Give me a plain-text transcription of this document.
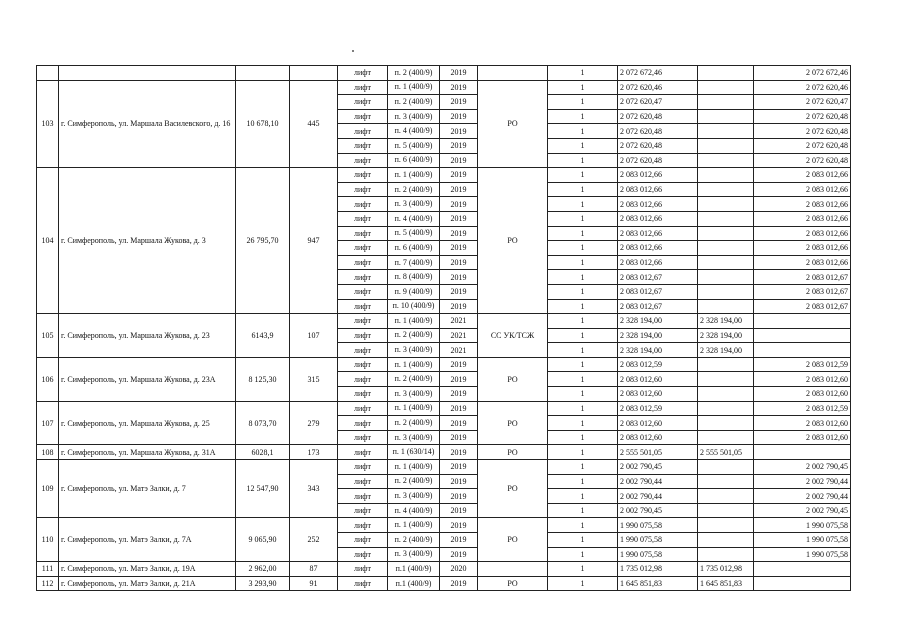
				лифт	п. 2 (400/9)	2019		1	2 072 672,46		2 072 672,46
103	г. Симферополь, ул. Маршала Василевского, д. 16	10 678,10	445	лифт	п. 1 (400/9)	2019	РО	1	2 072 620,46		2 072 620,46
				лифт	п. 2 (400/9)	2019		1	2 072 620,47		2 072 620,47
				лифт	п. 3 (400/9)	2019		1	2 072 620,48		2 072 620,48
				лифт	п. 4 (400/9)	2019		1	2 072 620,48		2 072 620,48
				лифт	п. 5 (400/9)	2019		1	2 072 620,48		2 072 620,48
				лифт	п. 6 (400/9)	2019		1	2 072 620,48		2 072 620,48
104	г. Симферополь, ул. Маршала Жукова, д. 3	26 795,70	947	лифт	п. 1 (400/9)	2019	РО	1	2 083 012,66		2 083 012,66
				лифт	п. 2 (400/9)	2019		1	2 083 012,66		2 083 012,66
				лифт	п. 3 (400/9)	2019		1	2 083 012,66		2 083 012,66
				лифт	п. 4 (400/9)	2019		1	2 083 012,66		2 083 012,66
				лифт	п. 5 (400/9)	2019		1	2 083 012,66		2 083 012,66
				лифт	п. 6 (400/9)	2019		1	2 083 012,66		2 083 012,66
				лифт	п. 7 (400/9)	2019		1	2 083 012,66		2 083 012,66
				лифт	п. 8 (400/9)	2019		1	2 083 012,67		2 083 012,67
				лифт	п. 9 (400/9)	2019		1	2 083 012,67		2 083 012,67
				лифт	п. 10 (400/9)	2019		1	2 083 012,67		2 083 012,67
105	г. Симферополь, ул. Маршала Жукова, д. 23	6143,9	107	лифт	п. 1 (400/9)	2021	СС УК/ТСЖ	1	2 328 194,00	2 328 194,00	
				лифт	п. 2 (400/9)	2021		1	2 328 194,00	2 328 194,00	
				лифт	п. 3 (400/9)	2021		1	2 328 194,00	2 328 194,00	
106	г. Симферополь, ул. Маршала Жукова, д. 23А	8 125,30	315	лифт	п. 1 (400/9)	2019	РО	1	2 083 012,59		2 083 012,59
				лифт	п. 2 (400/9)	2019		1	2 083 012,60		2 083 012,60
				лифт	п. 3 (400/9)	2019		1	2 083 012,60		2 083 012,60
107	г. Симферополь, ул. Маршала Жукова, д. 25	8 073,70	279	лифт	п. 1 (400/9)	2019	РО	1	2 083 012,59		2 083 012,59
				лифт	п. 2 (400/9)	2019		1	2 083 012,60		2 083 012,60
				лифт	п. 3 (400/9)	2019		1	2 083 012,60		2 083 012,60
108	г. Симферополь, ул. Маршала Жукова, д. 31А	6028,1	173	лифт	п. 1 (630/14)	2019	РО	1	2 555 501,05	2 555 501,05	
109	г. Симферополь, ул. Матэ Залки, д. 7	12 547,90	343	лифт	п. 1 (400/9)	2019	РО	1	2 002 790,45		2 002 790,45
				лифт	п. 2 (400/9)	2019		1	2 002 790,44		2 002 790,44
				лифт	п. 3 (400/9)	2019		1	2 002 790,44		2 002 790,44
				лифт	п. 4 (400/9)	2019		1	2 002 790,45		2 002 790,45
110	г. Симферополь, ул. Матэ Залки, д. 7А	9 065,90	252	лифт	п. 1 (400/9)	2019	РО	1	1 990 075,58		1 990 075,58
				лифт	п. 2 (400/9)	2019		1	1 990 075,58		1 990 075,58
				лифт	п. 3 (400/9)	2019		1	1 990 075,58		1 990 075,58
111	г. Симферополь, ул. Матэ Залки, д. 19А	2 962,00	87	лифт	п.1 (400/9)	2020		1	1 735 012,98	1 735 012,98	
112	г. Симферополь, ул. Матэ Залки, д. 21А	3 293,90	91	лифт	п.1 (400/9)	2019	РО	1	1 645 851,83	1 645 851,83	
